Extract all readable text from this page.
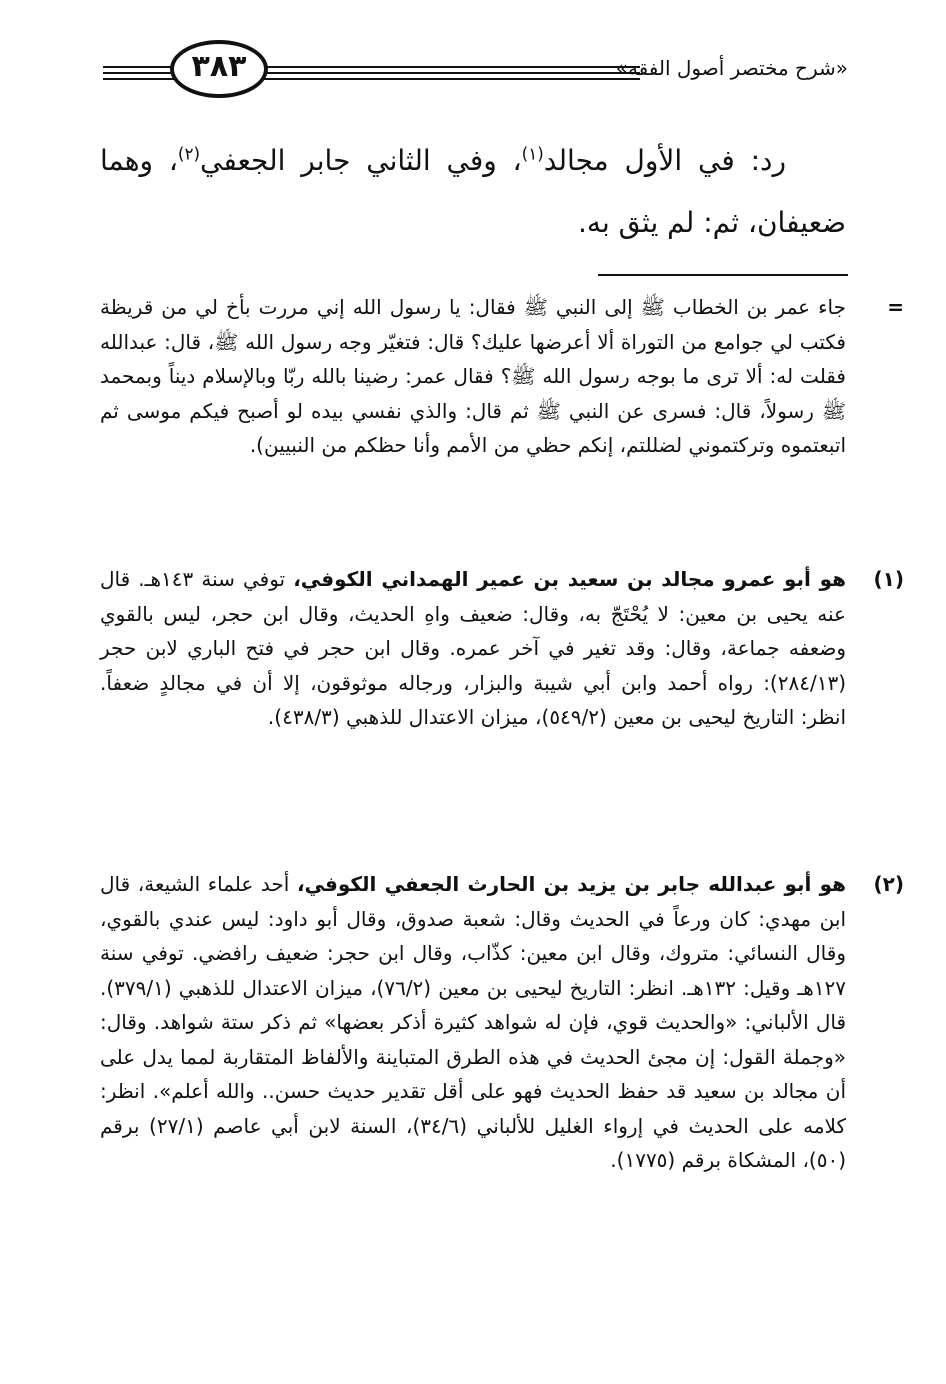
«شرح مختصر أصول الفقه»
٣٨٣

رد: في الأول مجالد$^{(١)}$، وفي الثاني جابر الجعفي$^{(٢)}$، وهما ضعيفان، ثم: لم يثق به.

=
جاء عمر بن الخطاب ﷺ إلى النبي ﷺ فقال: يا رسول الله إني مررت بأخ لي من قريظة فكتب لي جوامع من التوراة ألا أعرضها عليك؟ قال: فتغيّر وجه رسول الله ﷺ، قال: عبدالله فقلت له: ألا ترى ما بوجه رسول الله ﷺ؟ فقال عمر: رضينا بالله ربّا وبالإسلام ديناً وبمحمد ﷺ رسولاً، قال: فسرى عن النبي ﷺ ثم قال: والذي نفسي بيده لو أصبح فيكم موسى ثم اتبعتموه وتركتموني لضللتم، إنكم حظي من الأمم وأنا حظكم من النبيين).
(١)
هو أبو عمرو مجالد بن سعيد بن عمير الهمداني الكوفي، توفي سنة ١٤٣هـ. قال عنه يحيى بن معين: لا يُحْتَجّ به، وقال: ضعيف واهِ الحديث، وقال ابن حجر، ليس بالقوي وضعفه جماعة، وقال: وقد تغير في آخر عمره. وقال ابن حجر في فتح الباري لابن حجر (٢٨٤/١٣): رواه أحمد وابن أبي شيبة والبزار، ورجاله موثوقون، إلا أن في مجالدٍ ضعفاً. انظر: التاريخ ليحيى بن معين (٥٤٩/٢)، ميزان الاعتدال للذهبي (٤٣٨/٣).
(٢)
هو أبو عبدالله جابر بن يزيد بن الحارث الجعفي الكوفي، أحد علماء الشيعة، قال ابن مهدي: كان ورعاً في الحديث وقال: شعبة صدوق، وقال أبو داود: ليس عندي بالقوي، وقال النسائي: متروك، وقال ابن معين: كذّاب، وقال ابن حجر: ضعيف رافضي. توفي سنة ١٢٧هـ وقيل: ١٣٢هـ. انظر: التاريخ ليحيى بن معين (٧٦/٢)، ميزان الاعتدال للذهبي (٣٧٩/١). قال الألباني: «والحديث قوي، فإن له شواهد كثيرة أذكر بعضها» ثم ذكر ستة شواهد. وقال: «وجملة القول: إن مجئ الحديث في هذه الطرق المتباينة والألفاظ المتقاربة لمما يدل على أن مجالد بن سعيد قد حفظ الحديث فهو على أقل تقدير حديث حسن.. والله أعلم». انظر: كلامه على الحديث في إرواء الغليل للألباني (٣٤/٦)، السنة لابن أبي عاصم (٢٧/١) برقم (٥٠)، المشكاة برقم (١٧٧٥).
